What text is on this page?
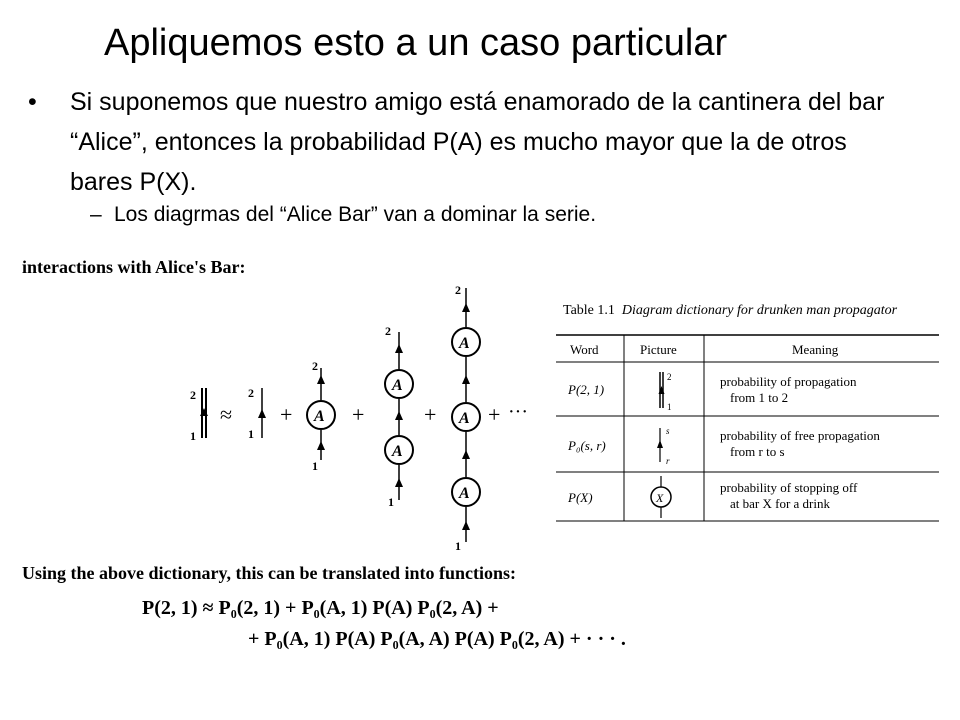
Apliquemos esto a un caso particular
• Si suponemos que nuestro amigo está enamorado de la cantinera del bar “Alice”, entonces la probabilidad P(A) es mucho mayor que la de otros bares P(X).
– Los diagrmas del “Alice Bar” van a dominar la serie.
interactions with Alice's Bar:
2
1
≈
2
1
+ A
2
1
+
A
A
2
1
+
A
A
A
2
1
+ ···
Table 1.1 Diagram dictionary for drunken man propagator
2
1
s
r
X
Word	Picture	Meaning
P(2, 1)
probability of propagation
from 1 to 2
P₀(s, r)
probability of free propagation
from r to s
P(X)
probability of stopping off
at bar X for a drink
Using the above dictionary, this can be translated into functions:
P(2, 1) ≈ P₀(2, 1) + P₀(A, 1) P(A) P₀(2, A) +
+ P₀(A, 1) P(A) P₀(A, A) P(A) P₀(2, A) + · · · .
